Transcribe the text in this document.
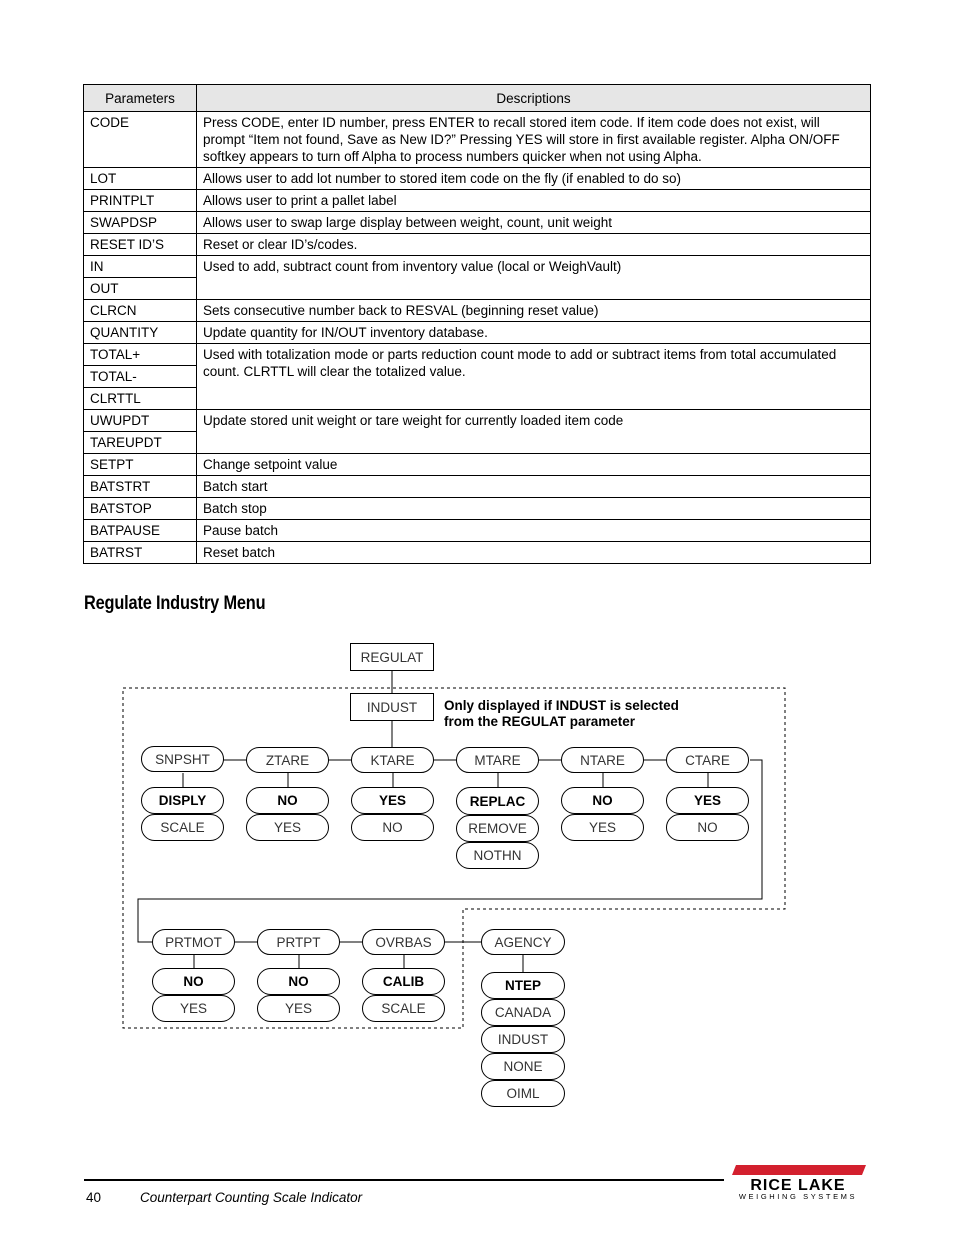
Parameters	Descriptions
CODE	Press CODE, enter ID number, press ENTER to recall stored item code. If item code does not exist, will prompt “Item not found, Save as New ID?” Pressing YES will store in first available register. Alpha ON/OFF softkey appears to turn off Alpha to process numbers quicker when not using Alpha.
LOT	Allows user to add lot number to stored item code on the fly (if enabled to do so)
PRINTPLT	Allows user to print a pallet label
SWAPDSP	Allows user to swap large display between weight, count, unit weight
RESET ID’S	Reset or clear ID’s/codes.
IN	Used to add, subtract count from inventory value (local or WeighVault)
OUT	
CLRCN	Sets consecutive number back to RESVAL (beginning reset value)
QUANTITY	Update quantity for IN/OUT inventory database.
TOTAL+	Used with totalization mode or parts reduction count mode to add or subtract items from total accumulated count. CLRTTL will clear the totalized value.
TOTAL-	
CLRTTL	
UWUPDT	Update stored unit weight or tare weight for currently loaded item code
TAREUPDT	
SETPT	Change setpoint value
BATSTRT	Batch start
BATSTOP	Batch stop
BATPAUSE	Pause batch
BATRST	Reset batch
Regulate Industry Menu
REGULAT
INDUST	Only displayed if INDUST is selected
from the REGULAT parameter
SNPSHT
DISPLY
SCALE
ZTARE
NO
YES
KTARE
YES
NO
MTARE
REPLAC
REMOVE
NOTHN
NTARE
NO
YES
CTARE
YES
NO
PRTMOT
NO
YES
PRTPT
NO
YES
OVRBAS
CALIB
SCALE
AGENCY
NTEP
CANADA
INDUST
NONE
OIML
40	Counterpart Counting Scale Indicator
RICE LAKE
WEIGHING SYSTEMS
